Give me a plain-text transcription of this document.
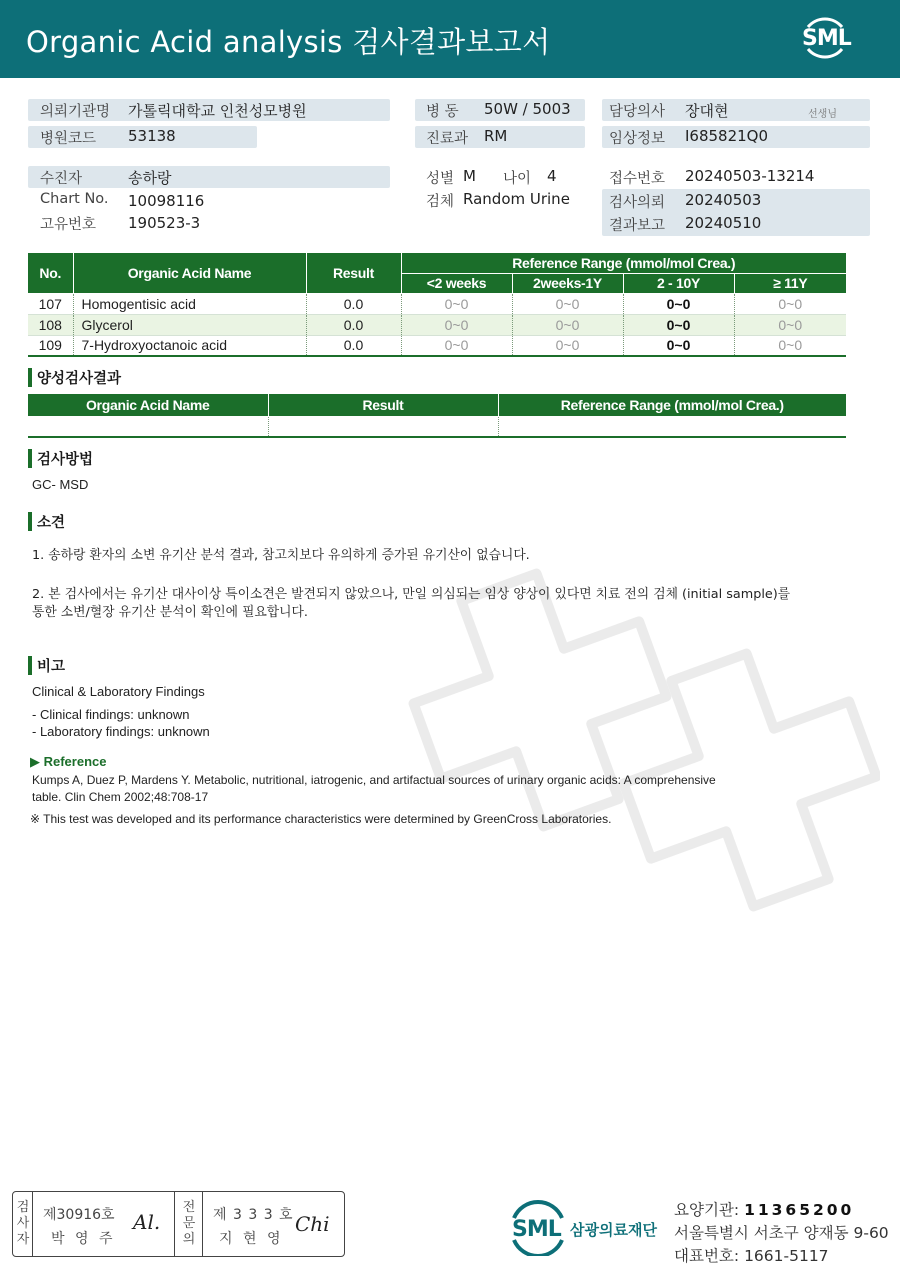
Organic Acid analysis 검사결과보고서	SML
의뢰기관명 가톨릭대학교 인천성모병원
병원코드 53138
수진자	송하랑
Chart No. 10098116
고유번호 190523-3
병 동 50W / 5003
진료과 RM
성별 M 나이 4
검체 Random Urine
담당의사 장대현	선생님
임상정보 I685821Q0
접수번호 20240503-13214
검사의뢰 20240503
결과보고 20240510
No.	Organic Acid Name	Result	Reference Range (mmol/mol Crea.)			
			<2 weeks	2weeks-1Y	2 - 10Y	≥ 11Y
107	Homogentisic acid	0.0	0~0	0~0	0~0	0~0
108	Glycerol	0.0	0~0	0~0	0~0	0~0
109	7-Hydroxyoctanoic acid	0.0	0~0	0~0	0~0	0~0
양성검사결과
Organic Acid Name	Result	Reference Range (mmol/mol Crea.)

검사방법
GC- MSD
소견
1. 송하랑 환자의 소변 유기산 분석 결과, 참고치보다 유의하게 증가된 유기산이 없습니다.
2. 본 검사에서는 유기산 대사이상 특이소견은 발견되지 않았으나, 만일 의심되는 임상 양상이 있다면 치료 전의 검체 (initial sample)를
통한 소변/혈장 유기산 분석이 확인에 필요합니다.
비고
Clinical & Laboratory Findings
- Clinical findings: unknown
- Laboratory findings: unknown
▶ Reference
Kumps A, Duez P, Mardens Y. Metabolic, nutritional, iatrogenic, and artifactual sources of urinary organic acids: A comprehensive
table. Clin Chem 2002;48:708-17
※ This test was developed and its performance characteristics were determined by GreenCross Laboratories.
검
사
자
제30916호
박 영 주
Al.
전
문
의
제 3 3 3 호
지 현 영
Chi	SML 삼광의료재단
요양기관: 11365200
서울특별시 서초구 양재동 9-60
대표번호: 1661-5117
